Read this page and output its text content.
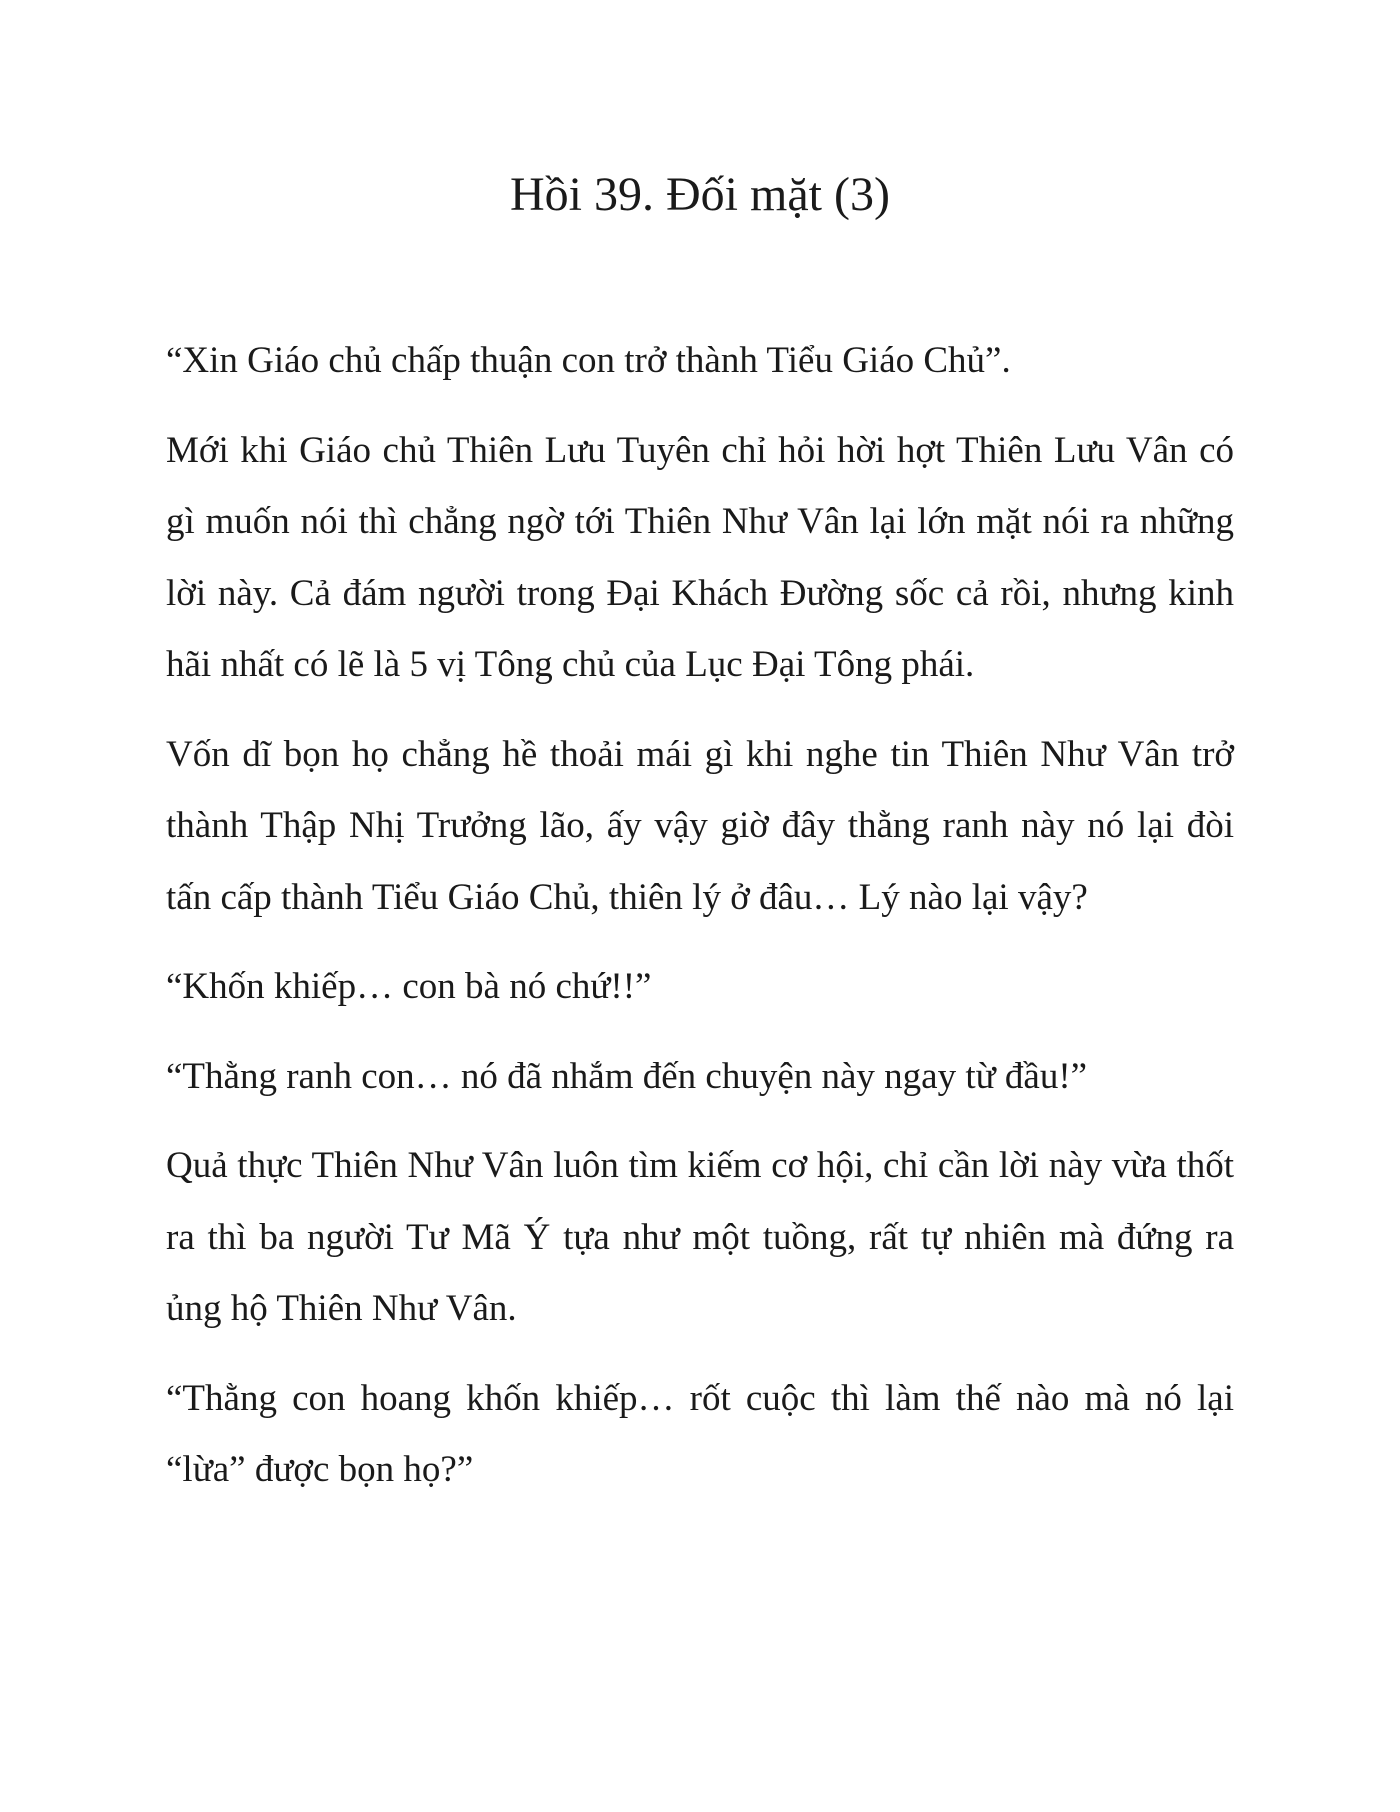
Hồi 39. Đối mặt (3)

“Xin Giáo chủ chấp thuận con trở thành Tiểu Giáo Chủ”.

Mới khi Giáo chủ Thiên Lưu Tuyên chỉ hỏi hời hợt Thiên Lưu Vân có gì muốn nói thì chẳng ngờ tới Thiên Như Vân lại lớn mặt nói ra những lời này. Cả đám người trong Đại Khách Đường sốc cả rồi, nhưng kinh hãi nhất có lẽ là 5 vị Tông chủ của Lục Đại Tông phái.

Vốn dĩ bọn họ chẳng hề thoải mái gì khi nghe tin Thiên Như Vân trở thành Thập Nhị Trưởng lão, ấy vậy giờ đây thằng ranh này nó lại đòi tấn cấp thành Tiểu Giáo Chủ, thiên lý ở đâu… Lý nào lại vậy?

“Khốn khiếp… con bà nó chứ!!”

“Thằng ranh con… nó đã nhắm đến chuyện này ngay từ đầu!”

Quả thực Thiên Như Vân luôn tìm kiếm cơ hội, chỉ cần lời này vừa thốt ra thì ba người Tư Mã Ý tựa như một tuồng, rất tự nhiên mà đứng ra ủng hộ Thiên Như Vân.

“Thằng con hoang khốn khiếp… rốt cuộc thì làm thế nào mà nó lại “lừa” được bọn họ?”
